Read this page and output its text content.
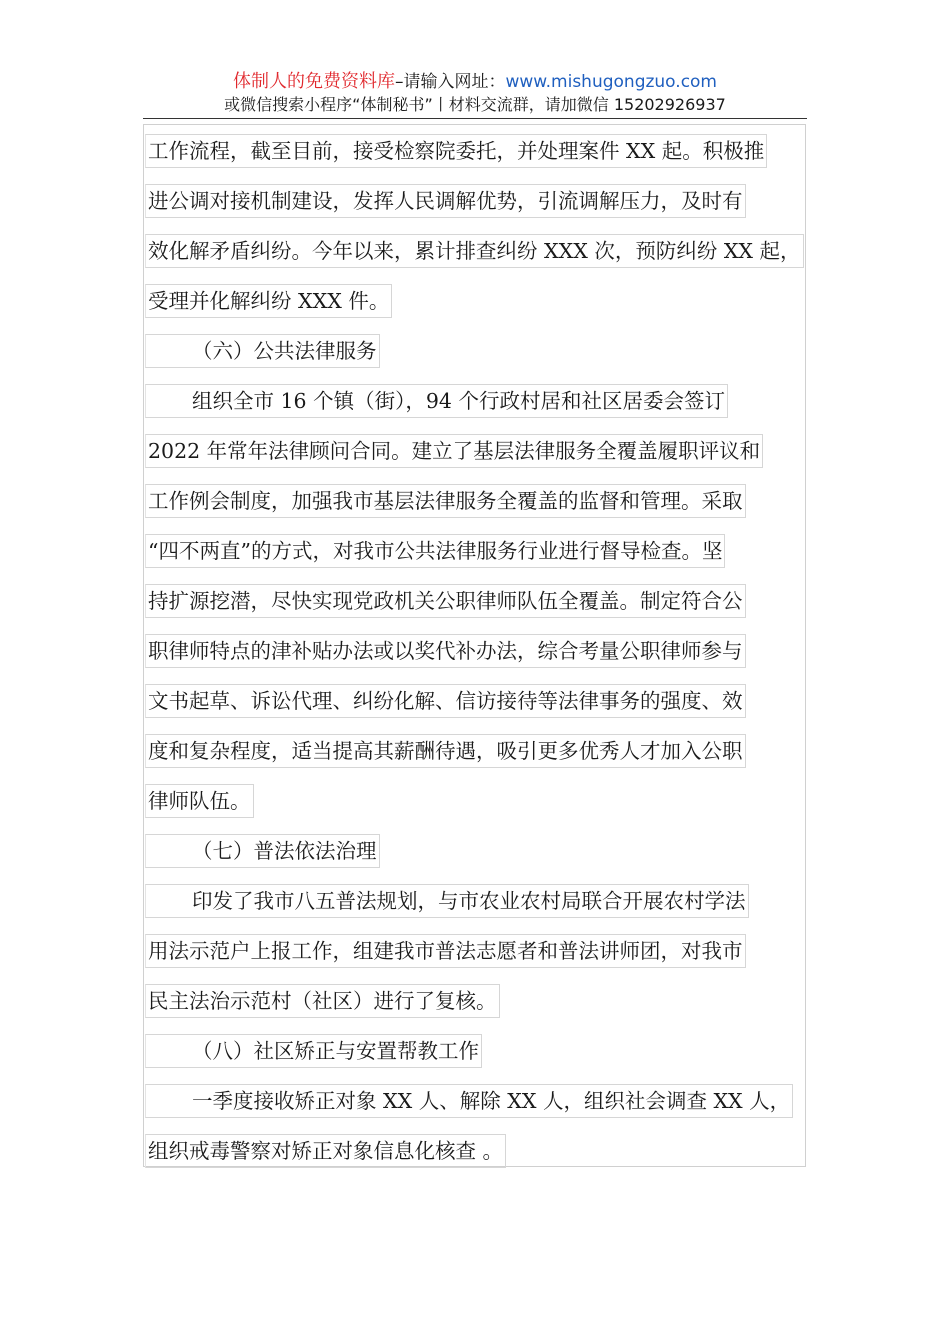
体制人的免费资料库–请输入网址：www.mishugongzuo.com
或微信搜索小程序“体制秘书”丨材料交流群，请加微信 15202926937
工作流程，截至目前，接受检察院委托，并处理案件 XX 起。积极推
进公调对接机制建设，发挥人民调解优势，引流调解压力，及时有
效化解矛盾纠纷。今年以来，累计排查纠纷 XXX 次，预防纠纷 XX 起，
受理并化解纠纷 XXX 件。
（六）公共法律服务
组织全市 16 个镇（街），94 个行政村居和社区居委会签订
2022 年常年法律顾问合同。建立了基层法律服务全覆盖履职评议和
工作例会制度，加强我市基层法律服务全覆盖的监督和管理。采取
“四不两直”的方式，对我市公共法律服务行业进行督导检查。坚
持扩源挖潜，尽快实现党政机关公职律师队伍全覆盖。制定符合公
职律师特点的津补贴办法或以奖代补办法，综合考量公职律师参与
文书起草、诉讼代理、纠纷化解、信访接待等法律事务的强度、效
度和复杂程度，适当提高其薪酬待遇，吸引更多优秀人才加入公职
律师队伍。
（七）普法依法治理
印发了我市八五普法规划，与市农业农村局联合开展农村学法
用法示范户上报工作，组建我市普法志愿者和普法讲师团，对我市
民主法治示范村（社区）进行了复核。
（八）社区矫正与安置帮教工作
一季度接收矫正对象 XX 人、解除 XX 人，组织社会调查 XX 人，
组织戒毒警察对矫正对象信息化核查 。
